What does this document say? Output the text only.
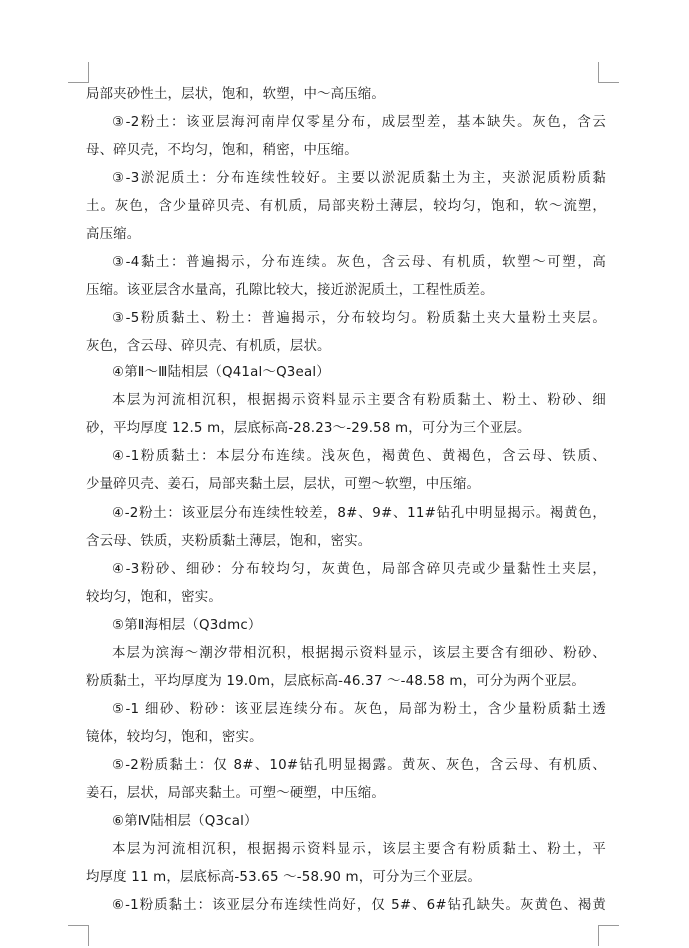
局部夹砂性土，层状，饱和，软塑，中～高压缩。
③-2粉土：该亚层海河南岸仅零星分布，成层型差，基本缺失。灰色，含云
母、碎贝壳，不均匀，饱和，稍密，中压缩。
③-3淤泥质土：分布连续性较好。主要以淤泥质黏土为主，夹淤泥质粉质黏
土。灰色，含少量碎贝壳、有机质，局部夹粉土薄层，较均匀，饱和，软～流塑，
高压缩。
③-4黏土：普遍揭示，分布连续。灰色，含云母、有机质，软塑～可塑，高
压缩。该亚层含水量高，孔隙比较大，接近淤泥质土，工程性质差。
③-5粉质黏土、粉土：普遍揭示，分布较均匀。粉质黏土夹大量粉土夹层。
灰色，含云母、碎贝壳、有机质，层状。
④第Ⅱ～Ⅲ陆相层（Q41al～Q3eal）
本层为河流相沉积，根据揭示资料显示主要含有粉质黏土、粉土、粉砂、细
砂，平均厚度 12.5 m，层底标高-28.23～-29.58 m，可分为三个亚层。
④-1粉质黏土：本层分布连续。浅灰色，褐黄色、黄褐色，含云母、铁质、
少量碎贝壳、姜石，局部夹黏土层，层状，可塑～软塑，中压缩。
④-2粉土：该亚层分布连续性较差，8#、9#、11#钻孔中明显揭示。褐黄色，
含云母、铁质，夹粉质黏土薄层，饱和，密实。
④-3粉砂、细砂：分布较均匀，灰黄色，局部含碎贝壳或少量黏性土夹层，
较均匀，饱和，密实。
⑤第Ⅱ海相层（Q3dmc）
本层为滨海～潮汐带相沉积，根据揭示资料显示，该层主要含有细砂、粉砂、
粉质黏土，平均厚度为 19.0m，层底标高-46.37 ～-48.58 m，可分为两个亚层。
⑤-1 细砂、粉砂：该亚层连续分布。灰色，局部为粉土，含少量粉质黏土透
镜体，较均匀，饱和，密实。
⑤-2粉质黏土：仅 8#、10#钻孔明显揭露。黄灰、灰色，含云母、有机质、
姜石，层状，局部夹黏土。可塑～硬塑，中压缩。
⑥第Ⅳ陆相层（Q3cal）
本层为河流相沉积，根据揭示资料显示，该层主要含有粉质黏土、粉土，平
均厚度 11 m，层底标高-53.65 ～-58.90 m，可分为三个亚层。
⑥-1粉质黏土：该亚层分布连续性尚好，仅 5#、6#钻孔缺失。灰黄色、褐黄
